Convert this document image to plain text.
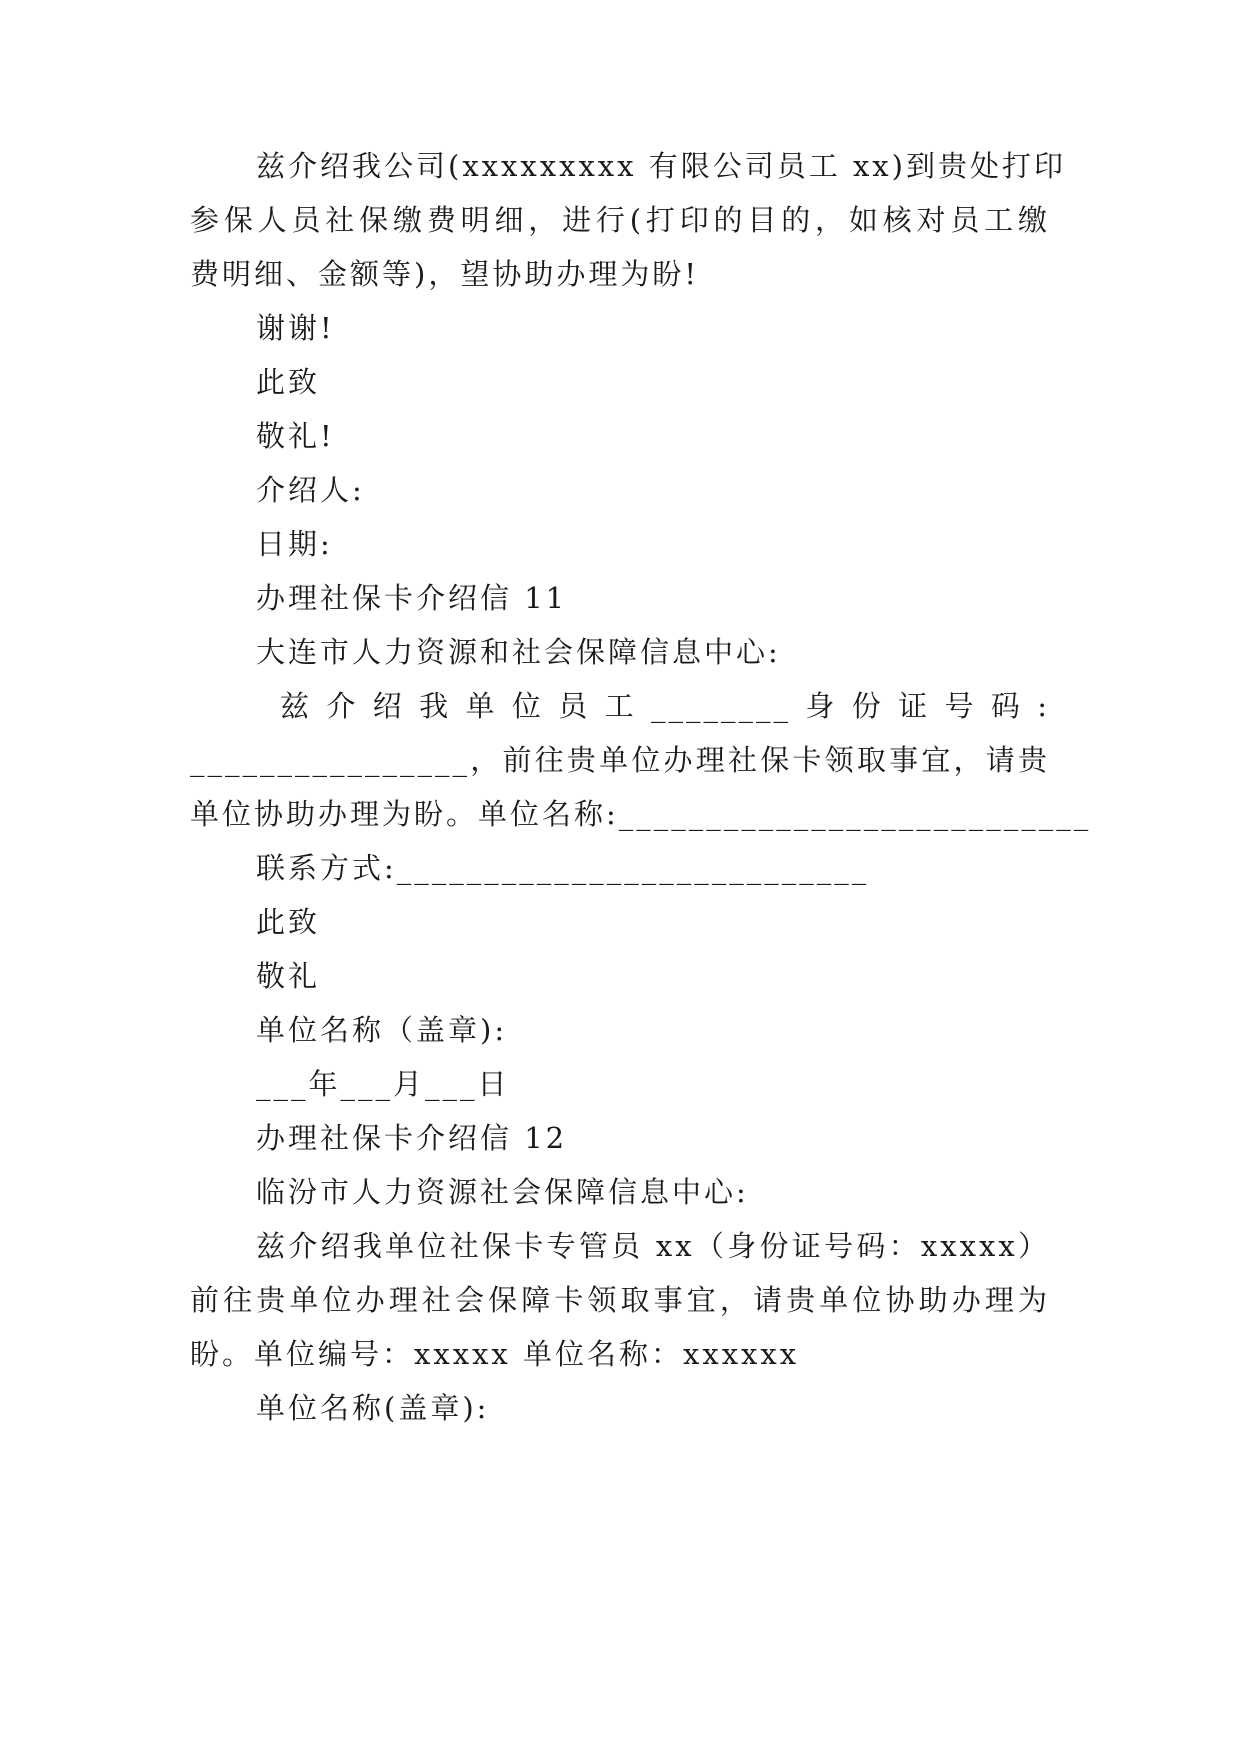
兹介绍我公司(xxxxxxxxx 有限公司员工 xx)到贵处打印
参保人员社保缴费明细，进行(打印的目的，如核对员工缴
费明细、金额等)，望协助办理为盼!
谢谢!
此致
敬礼!
介绍人:
日期:
办理社保卡介绍信 11
大连市人力资源和社会保障信息中心:
兹介绍我单位员工________身份证号码:
________________，前往贵单位办理社保卡领取事宜，请贵
单位协助办理为盼。单位名称:___________________________
联系方式:___________________________
此致
敬礼
单位名称（盖章):
___年___月___日
办理社保卡介绍信 12
临汾市人力资源社会保障信息中心:
兹介绍我单位社保卡专管员 xx（身份证号码：xxxxx）
前往贵单位办理社会保障卡领取事宜，请贵单位协助办理为
盼。单位编号：xxxxx 单位名称：xxxxxx
单位名称(盖章):
